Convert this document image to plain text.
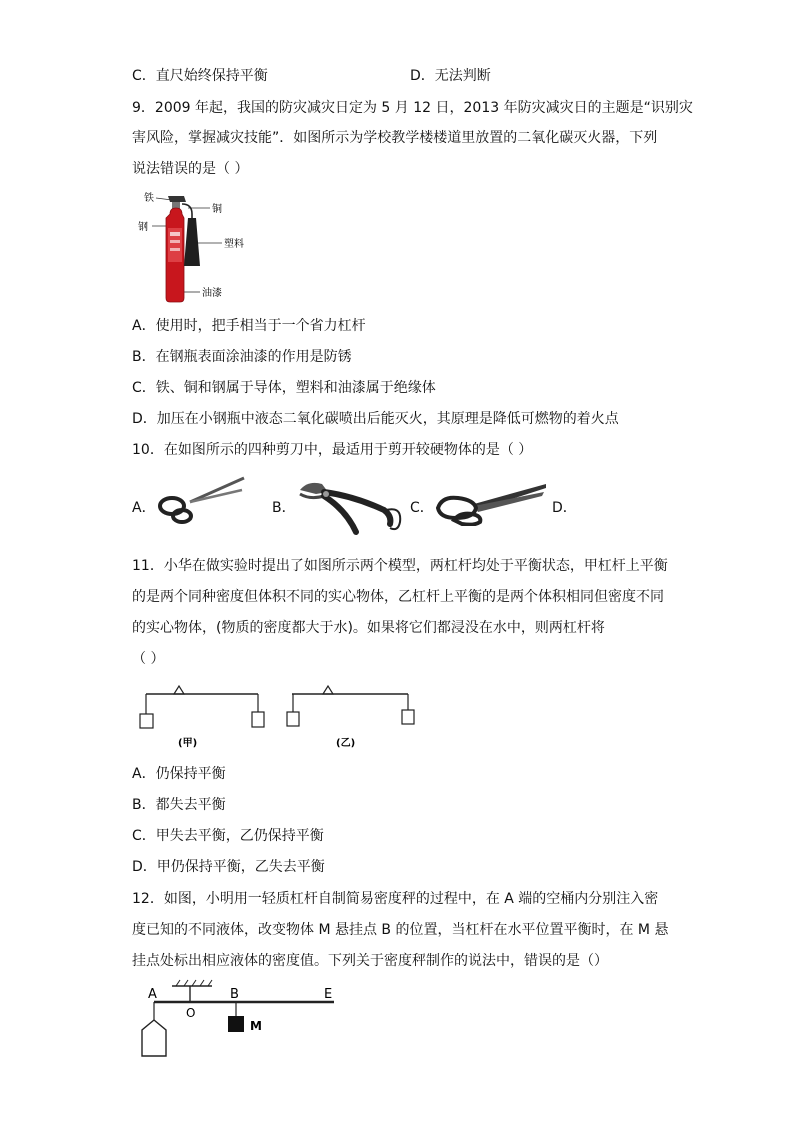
C．直尺始终保持平衡	D．无法判断
9．2009 年起，我国的防灾减灾日定为 5 月 12 日，2013 年防灾减灾日的主题是“识别灾
害风险，掌握减灾技能”．如图所示为学校教学楼楼道里放置的二氧化碳灭火器，下列
说法错误的是（ ）
铁
钢
铜
塑料
油漆
A．使用时，把手相当于一个省力杠杆
B．在钢瓶表面涂油漆的作用是防锈
C．铁、铜和钢属于导体，塑料和油漆属于绝缘体
D．加压在小钢瓶中液态二氧化碳喷出后能灭火，其原理是降低可燃物的着火点
10．在如图所示的四种剪刀中，最适用于剪开较硬物体的是（ ）
A．	B．	C．	D．
11．小华在做实验时提出了如图所示两个模型，两杠杆均处于平衡状态，甲杠杆上平衡
的是两个同种密度但体积不同的实心物体，乙杠杆上平衡的是两个体积相同但密度不同
的实心物体，(物质的密度都大于水)。如果将它们都浸没在水中，则两杠杆将
（ ）
(甲)	(乙)
A．仍保持平衡
B．都失去平衡
C．甲失去平衡，乙仍保持平衡
D．甲仍保持平衡，乙失去平衡
12．如图，小明用一轻质杠杆自制简易密度秤的过程中，在 A 端的空桶内分别注入密
度已知的不同液体，改变物体 M 悬挂点 B 的位置，当杠杆在水平位置平衡时，在 M 悬
挂点处标出相应液体的密度值。下列关于密度秤制作的说法中，错误的是（）
A
O
B	E
M
